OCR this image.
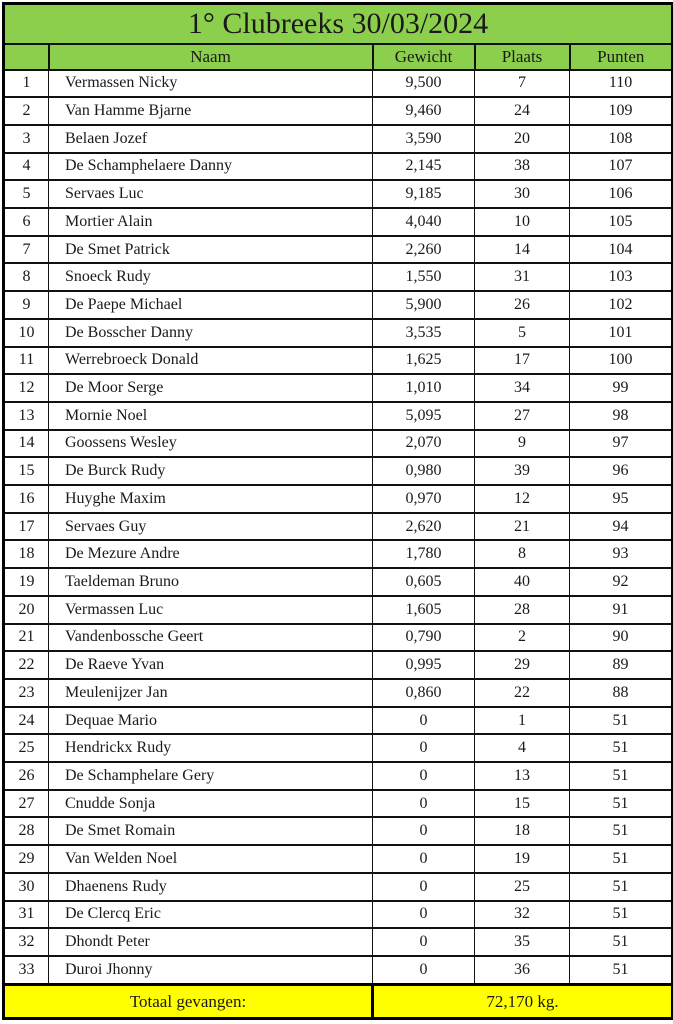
1° Clubreeks 30/03/2024				
	Naam	Gewicht	Plaats	Punten
1	Vermassen Nicky	9,500	7	110
2	Van Hamme Bjarne	9,460	24	109
3	Belaen Jozef	3,590	20	108
4	De Schamphelaere Danny	2,145	38	107
5	Servaes Luc	9,185	30	106
6	Mortier Alain	4,040	10	105
7	De Smet Patrick	2,260	14	104
8	Snoeck Rudy	1,550	31	103
9	De Paepe Michael	5,900	26	102
10	De Bosscher Danny	3,535	5	101
11	Werrebroeck Donald	1,625	17	100
12	De Moor Serge	1,010	34	99
13	Mornie Noel	5,095	27	98
14	Goossens Wesley	2,070	9	97
15	De Burck Rudy	0,980	39	96
16	Huyghe Maxim	0,970	12	95
17	Servaes Guy	2,620	21	94
18	De Mezure Andre	1,780	8	93
19	Taeldeman Bruno	0,605	40	92
20	Vermassen Luc	1,605	28	91
21	Vandenbossche Geert	0,790	2	90
22	De Raeve Yvan	0,995	29	89
23	Meulenijzer Jan	0,860	22	88
24	Dequae Mario	0	1	51
25	Hendrickx Rudy	0	4	51
26	De Schamphelare Gery	0	13	51
27	Cnudde Sonja	0	15	51
28	De Smet Romain	0	18	51
29	Van Welden Noel	0	19	51
30	Dhaenens Rudy	0	25	51
31	De Clercq Eric	0	32	51
32	Dhondt Peter	0	35	51
33	Duroi Jhonny	0	36	51
Totaal gevangen:		72,170 kg.		
